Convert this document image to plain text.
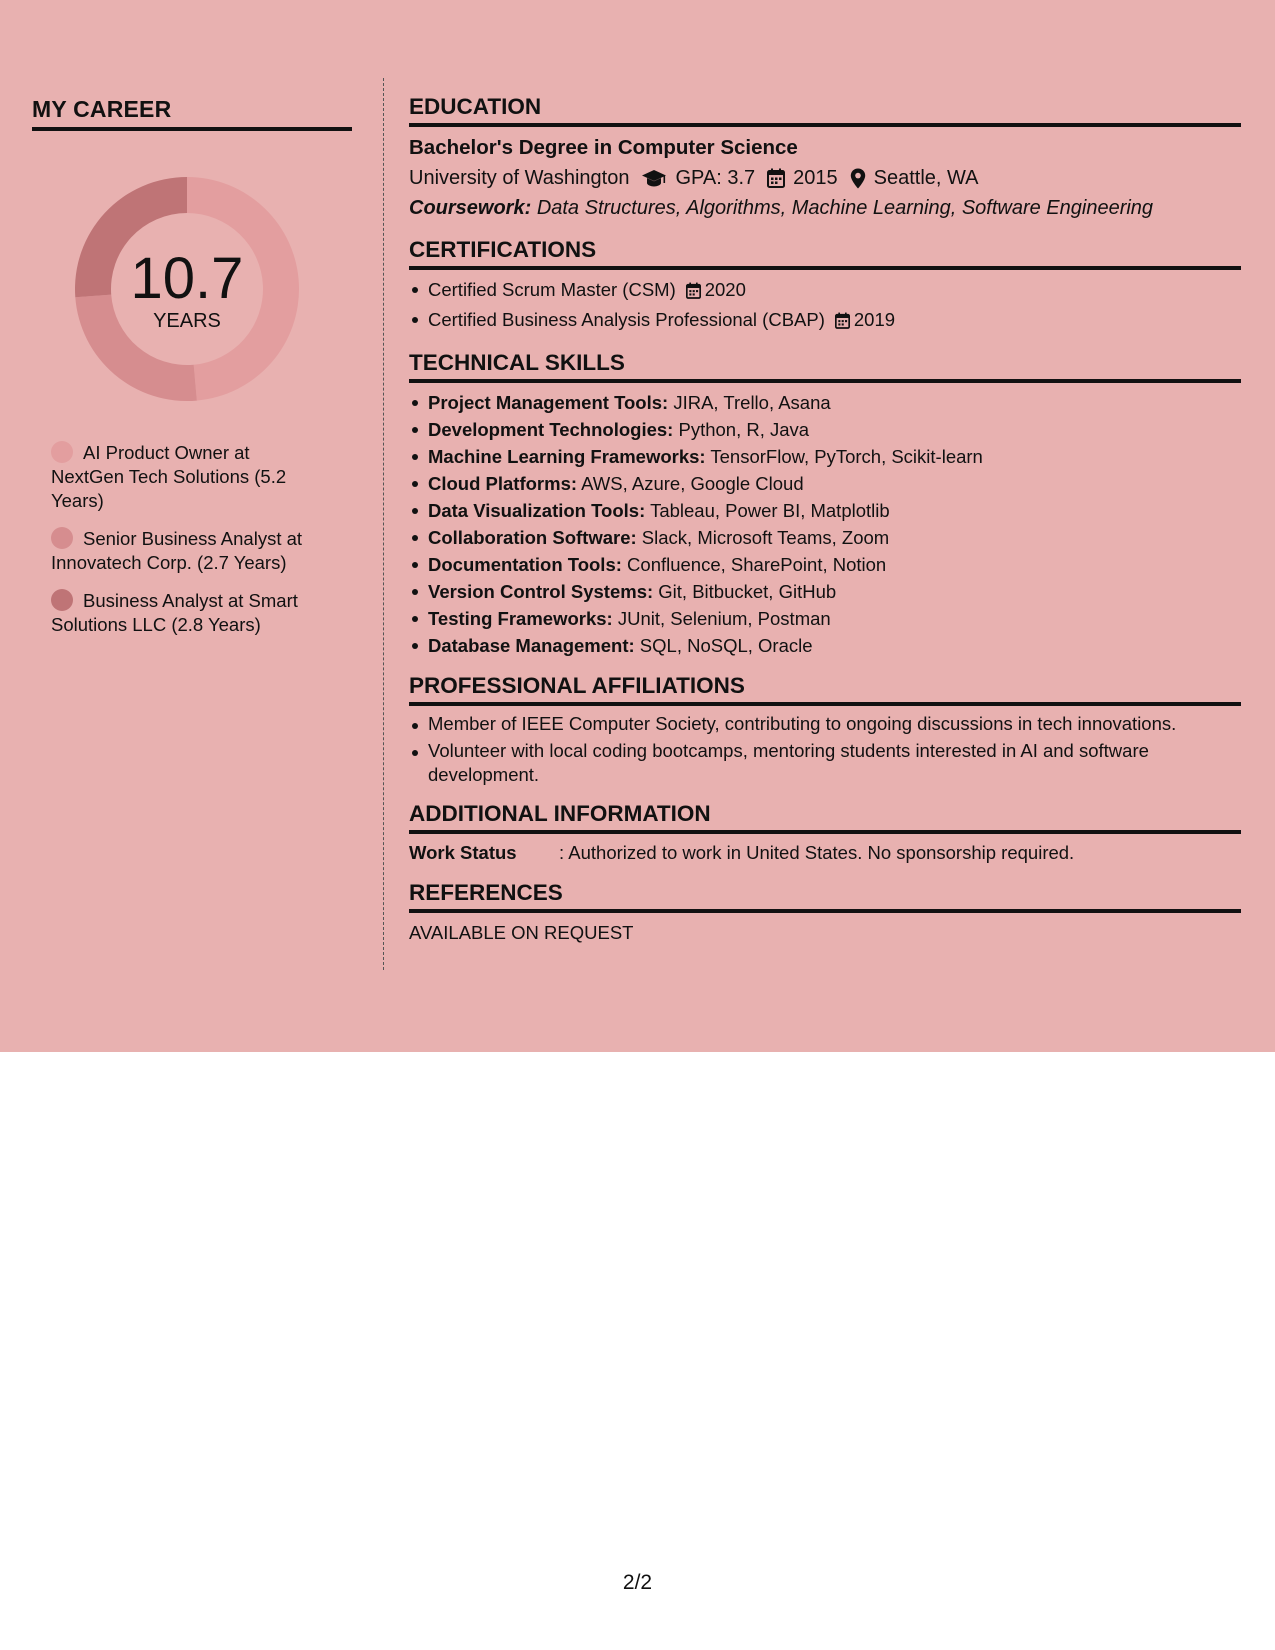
MY CAREER
10.7
YEARS
AI Product Owner at NextGen Tech Solutions (5.2 Years)
Senior Business Analyst at Innovatech Corp. (2.7 Years)
Business Analyst at Smart Solutions LLC (2.8 Years)
EDUCATION
Bachelor's Degree in Computer Science
University of Washington GPA: 3.7 2015 Seattle, WA
Coursework: Data Structures, Algorithms, Machine Learning, Software Engineering
CERTIFICATIONS
Certified Scrum Master (CSM) 2020
Certified Business Analysis Professional (CBAP) 2019
TECHNICAL SKILLS
Project Management Tools: JIRA, Trello, Asana
Development Technologies: Python, R, Java
Machine Learning Frameworks: TensorFlow, PyTorch, Scikit-learn
Cloud Platforms: AWS, Azure, Google Cloud
Data Visualization Tools: Tableau, Power BI, Matplotlib
Collaboration Software: Slack, Microsoft Teams, Zoom
Documentation Tools: Confluence, SharePoint, Notion
Version Control Systems: Git, Bitbucket, GitHub
Testing Frameworks: JUnit, Selenium, Postman
Database Management: SQL, NoSQL, Oracle
PROFESSIONAL AFFILIATIONS
Member of IEEE Computer Society, contributing to ongoing discussions in tech innovations.
Volunteer with local coding bootcamps, mentoring students interested in AI and software development.
ADDITIONAL INFORMATION
Work Status	: Authorized to work in United States. No sponsorship required.
REFERENCES
AVAILABLE ON REQUEST
2/2
